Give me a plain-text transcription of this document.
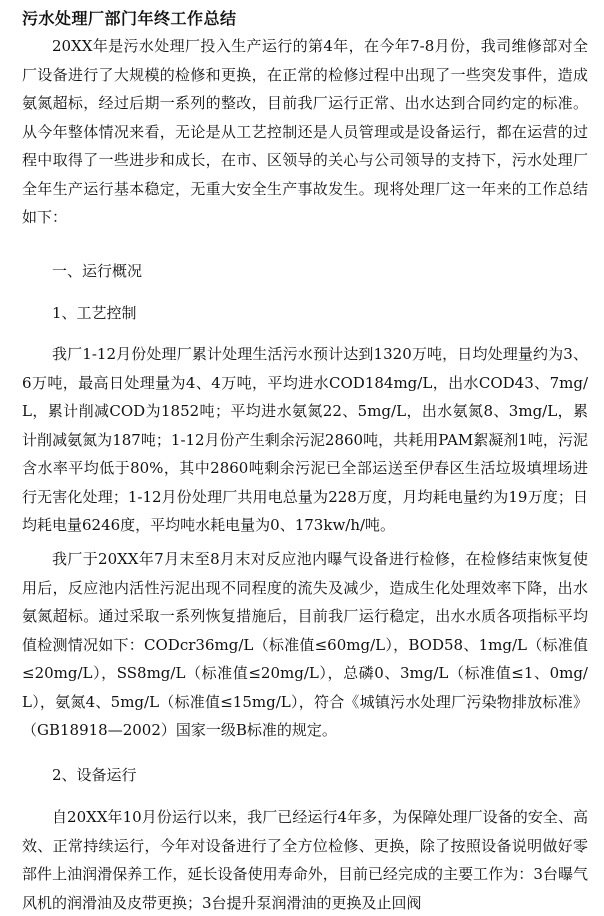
污水处理厂部门年终工作总结

20XX年是污水处理厂投入生产运行的第4年，在今年7-8月份，我司维修部对全厂设备进行了大规模的检修和更换，在正常的检修过程中出现了一些突发事件，造成氨氮超标，经过后期一系列的整改，目前我厂运行正常、出水达到合同约定的标准。从今年整体情况来看，无论是从工艺控制还是人员管理或是设备运行，都在运营的过程中取得了一些进步和成长，在市、区领导的关心与公司领导的支持下，污水处理厂全年生产运行基本稳定，无重大安全生产事故发生。现将处理厂这一年来的工作总结如下：

一、运行概况

1、工艺控制

我厂1-12月份处理厂累计处理生活污水预计达到1320万吨，日均处理量约为3、6万吨，最高日处理量为4、4万吨，平均进水COD184mg/L，出水COD43、7mg/L，累计削减COD为1852吨；平均进水氨氮22、5mg/L，出水氨氮8、3mg/L，累计削减氨氮为187吨；1-12月份产生剩余污泥2860吨，共耗用PAM絮凝剂1吨，污泥含水率平均低于80%，其中2860吨剩余污泥已全部运送至伊春区生活垃圾填埋场进行无害化处理；1-12月份处理厂共用电总量为228万度，月均耗电量约为19万度；日均耗电量6246度，平均吨水耗电量为0、173kw/h/吨。

我厂于20XX年7月末至8月末对反应池内曝气设备进行检修，在检修结束恢复使用后，反应池内活性污泥出现不同程度的流失及减少，造成生化处理效率下降，出水氨氮超标。通过采取一系列恢复措施后，目前我厂运行稳定，出水水质各项指标平均值检测情况如下：CODcr36mg/L（标准值≤60mg/L），BOD58、1mg/L（标准值≤20mg/L），SS8mg/L（标准值≤20mg/L），总磷0、3mg/L（标准值≤1、0mg/L），氨氮4、5mg/L（标准值≤15mg/L），符合《城镇污水处理厂污染物排放标准》（GB18918—2002）国家一级B标准的规定。

2、设备运行

自20XX年10月份运行以来，我厂已经运行4年多，为保障处理厂设备的安全、高效、正常持续运行，今年对设备进行了全方位检修、更换，除了按照设备说明做好零部件上油润滑保养工作，延长设备使用寿命外，目前已经完成的主要工作为：3台曝气风机的润滑油及皮带更换；3台提升泵润滑油的更换及止回阀
